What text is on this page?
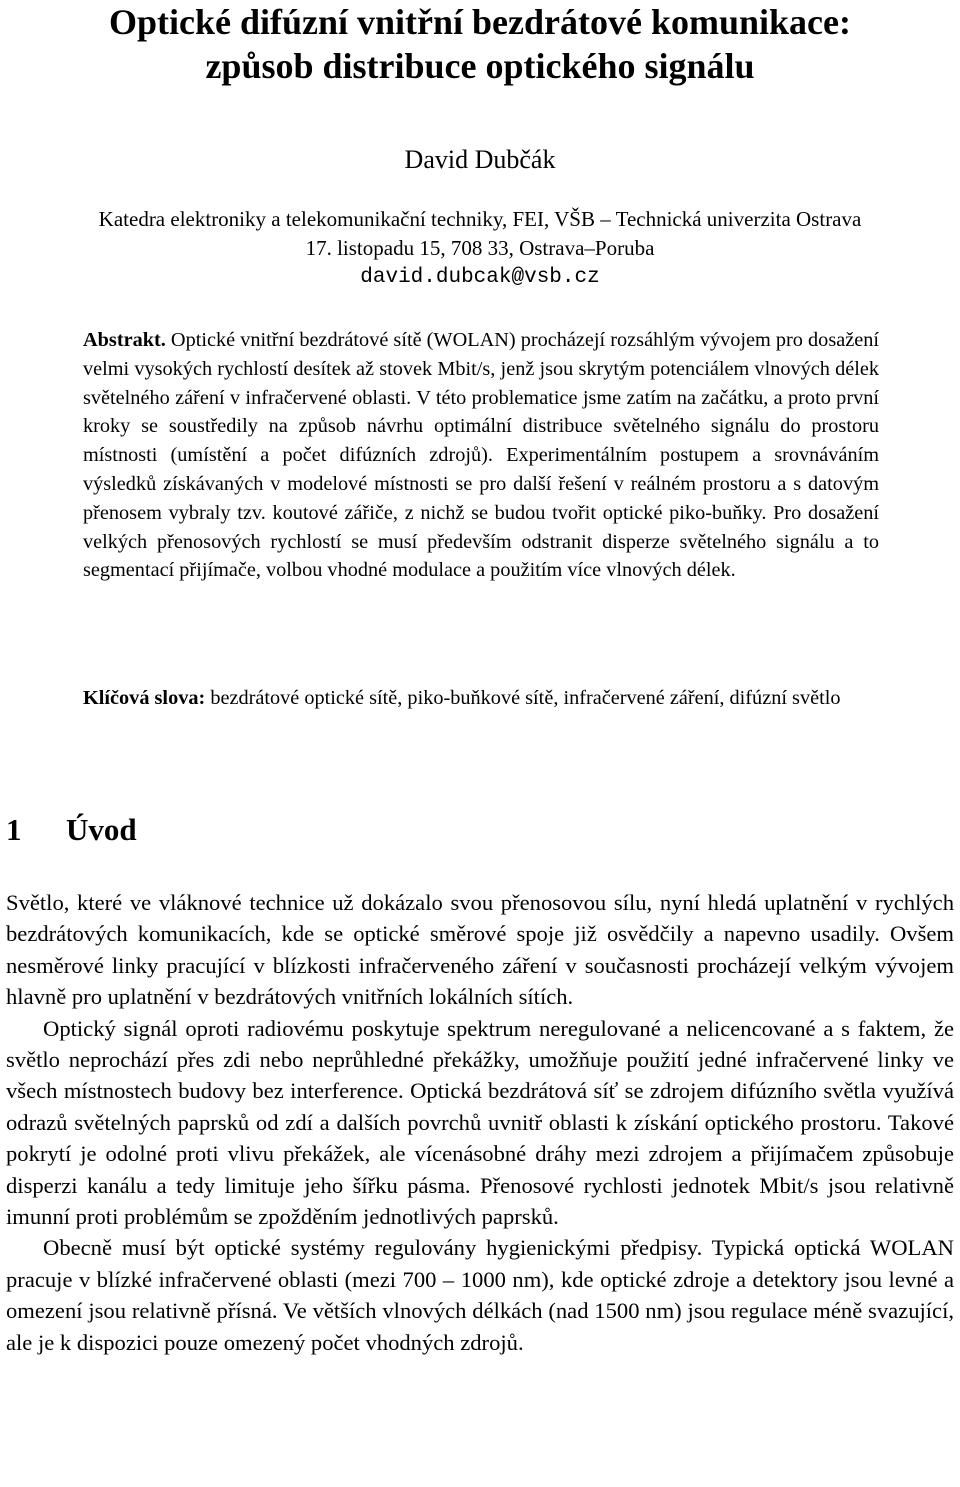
Optické difúzní vnitřní bezdrátové komunikace:
způsob distribuce optického signálu
David Dubčák
Katedra elektroniky a telekomunikační techniky, FEI, VŠB – Technická univerzita Ostrava
17. listopadu 15, 708 33, Ostrava–Poruba
david.dubcak@vsb.cz
Abstrakt. Optické vnitřní bezdrátové sítě (WOLAN) procházejí rozsáhlým vývojem pro dosažení velmi vysokých rychlostí desítek až stovek Mbit/s, jenž jsou skrytým potenciálem vlnových délek světelného záření v infračervené oblasti. V této problematice jsme zatím na začátku, a proto první kroky se soustředily na způsob návrhu optimální distribuce světelného signálu do prostoru místnosti (umístění a počet difúzních zdrojů). Experimentálním postupem a srovnáváním výsledků získávaných v modelové místnosti se pro další řešení v reálném prostoru a s datovým přenosem vybraly tzv. koutové zářiče, z nichž se budou tvořit optické piko-buňky. Pro dosažení velkých přenosových rychlostí se musí především odstranit disperze světelného signálu a to segmentací přijímače, volbou vhodné modulace a použitím více vlnových délek.
Klíčová slova: bezdrátové optické sítě, piko-buňkové sítě, infračervené záření, difúzní světlo
1 Úvod

Světlo, které ve vláknové technice už dokázalo svou přenosovou sílu, nyní hledá uplatnění v rychlých bezdrátových komunikacích, kde se optické směrové spoje již osvědčily a napevno usadily. Ovšem nesměrové linky pracující v blízkosti infračerveného záření v současnosti procházejí velkým vývojem hlavně pro uplatnění v bezdrátových vnitřních lokálních sítích.

Optický signál oproti radiovému poskytuje spektrum neregulované a nelicencované a s faktem, že světlo neprochází přes zdi nebo neprůhledné překážky, umožňuje použití jedné infračervené linky ve všech místnostech budovy bez interference. Optická bezdrátová síť se zdrojem difúzního světla využívá odrazů světelných paprsků od zdí a dalších povrchů uvnitř oblasti k získání optického prostoru. Takové pokrytí je odolné proti vlivu překážek, ale vícenásobné dráhy mezi zdrojem a přijímačem způsobuje disperzi kanálu a tedy limituje jeho šířku pásma. Přenosové rychlosti jednotek Mbit/s jsou relativně imunní proti problémům se zpožděním jednotlivých paprsků.

Obecně musí být optické systémy regulovány hygienickými předpisy. Typická optická WOLAN pracuje v blízké infračervené oblasti (mezi 700 – 1000 nm), kde optické zdroje a detektory jsou levné a omezení jsou relativně přísná. Ve větších vlnových délkách (nad 1500 nm) jsou regulace méně svazující, ale je k dispozici pouze omezený počet vhodných zdrojů.
